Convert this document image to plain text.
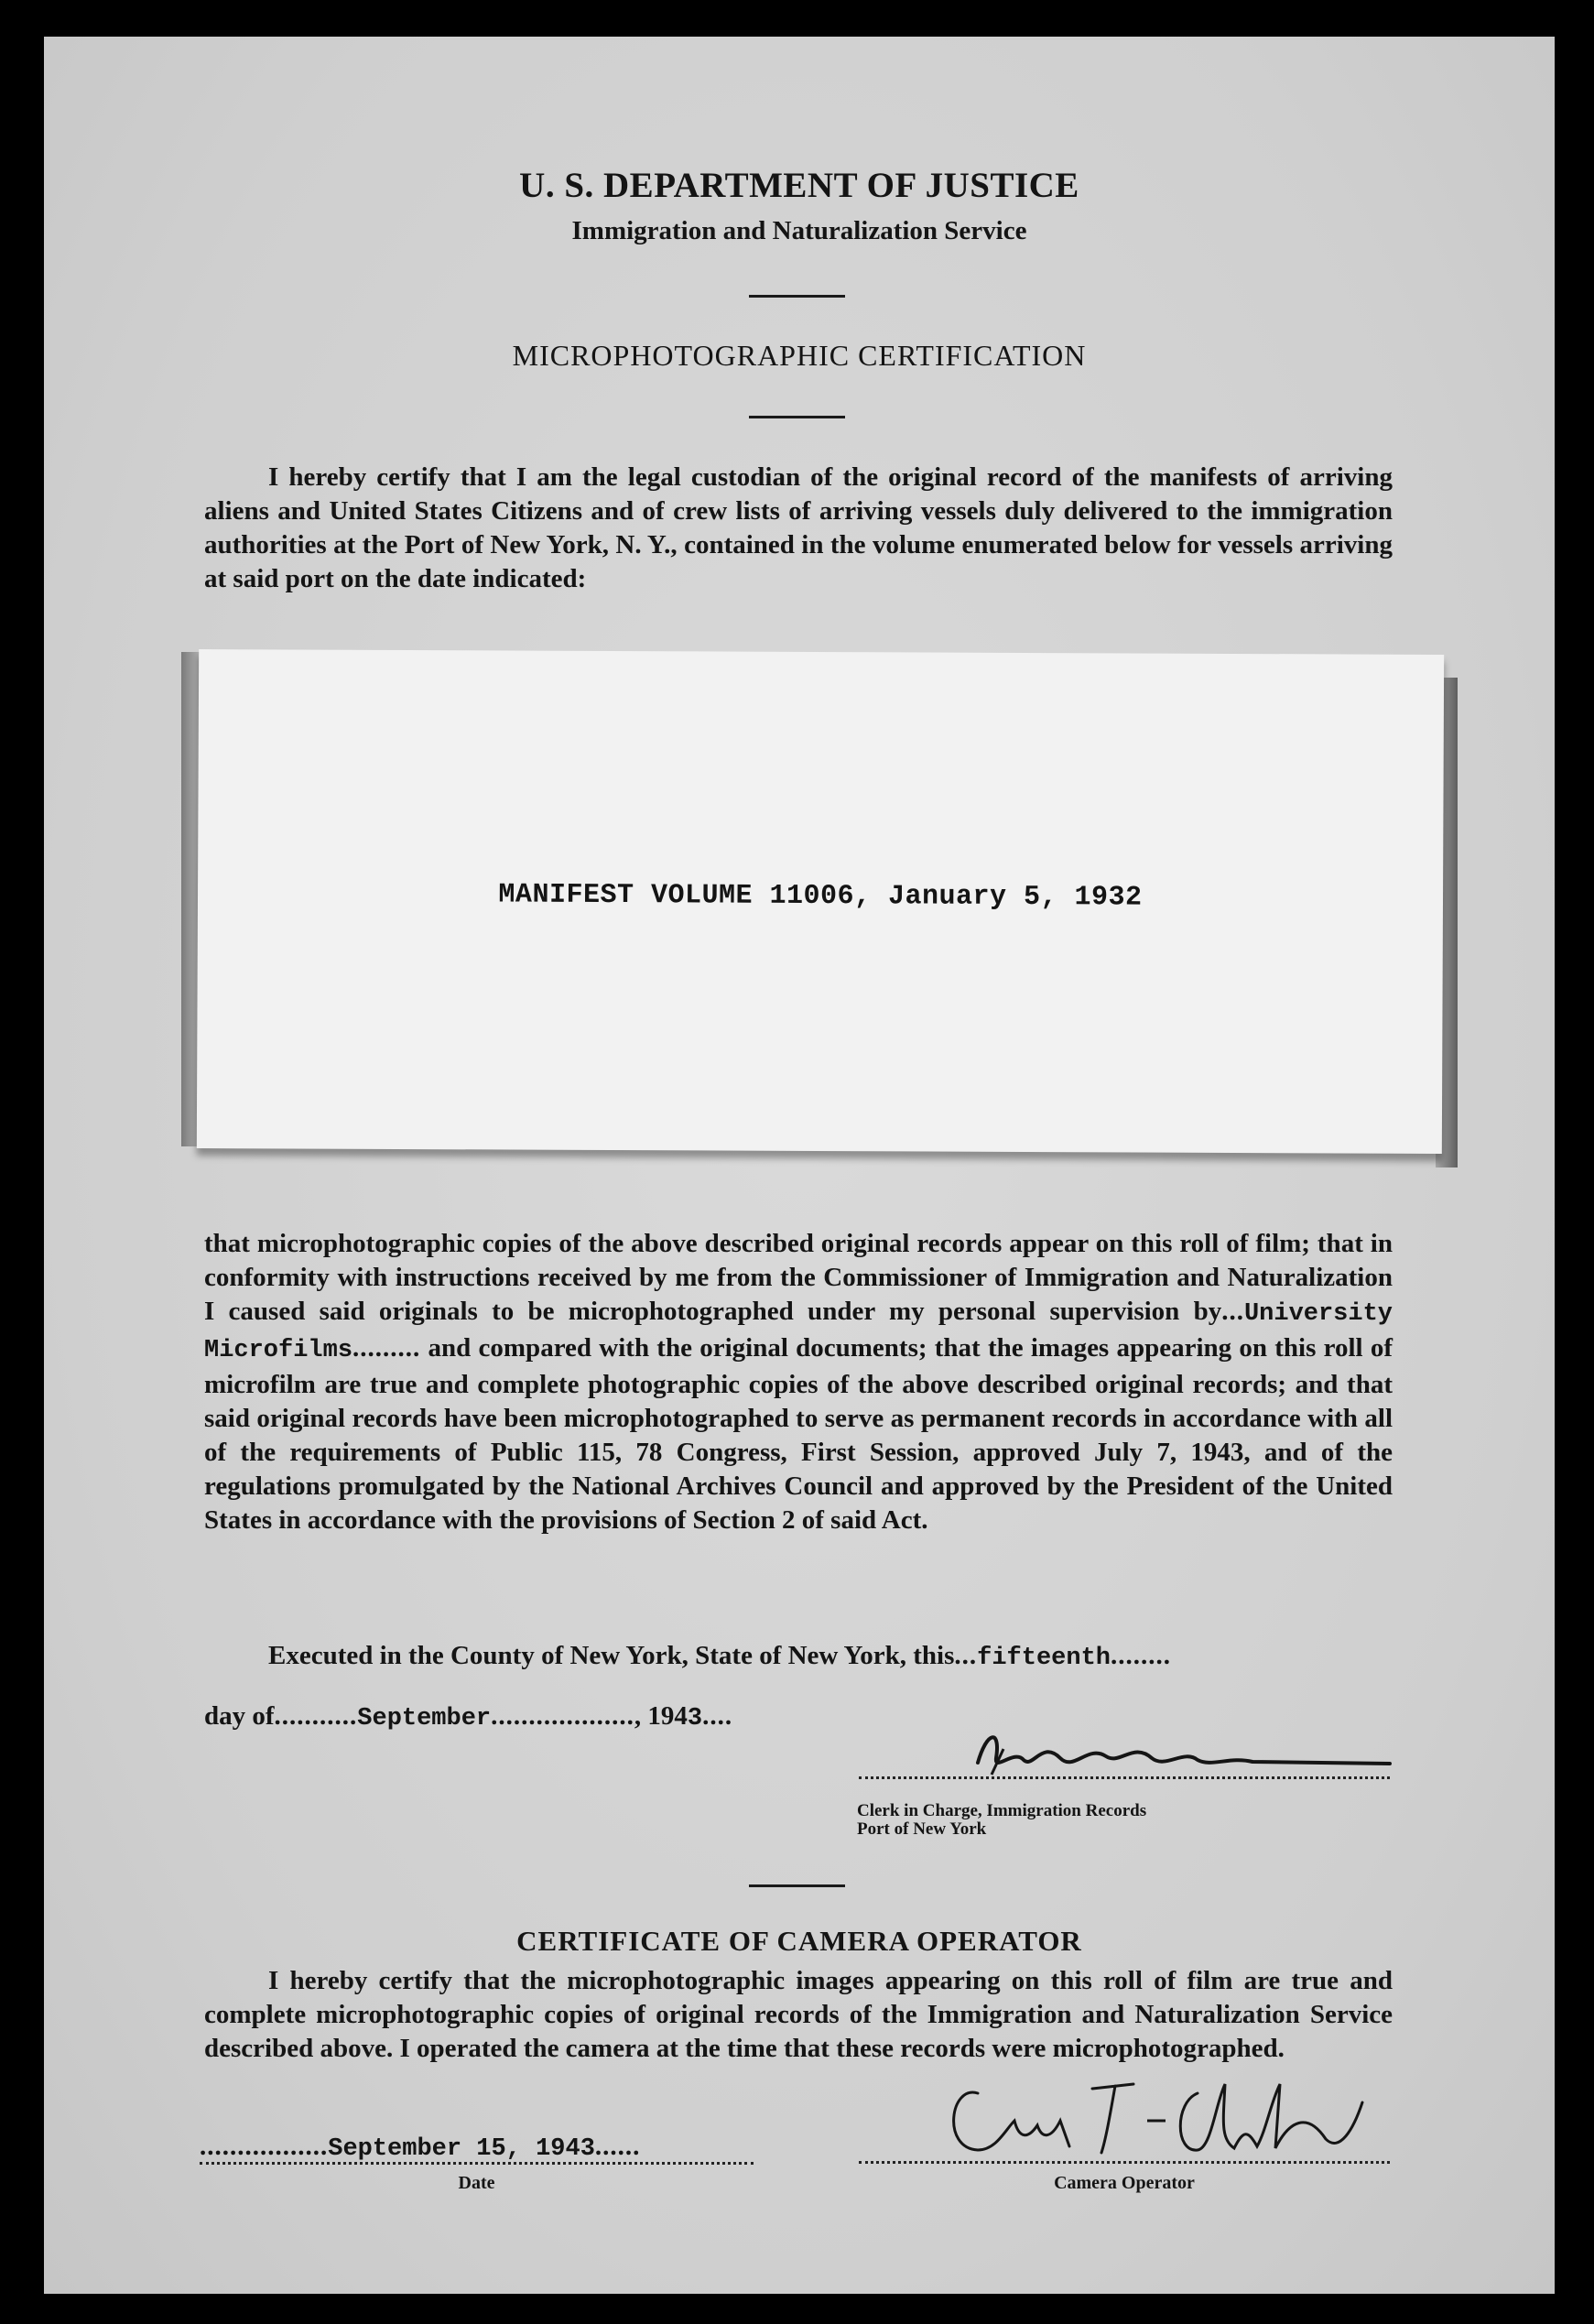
U. S. DEPARTMENT OF JUSTICE
Immigration and Naturalization Service
MICROPHOTOGRAPHIC CERTIFICATION
I hereby certify that I am the legal custodian of the original record of the manifests of arriving aliens and United States Citizens and of crew lists of arriving vessels duly delivered to the immigration authorities at the Port of New York, N. Y., contained in the volume enumerated below for vessels arriving at said port on the date indicated:
MANIFEST VOLUME 11006, January 5, 1932
that microphotographic copies of the above described original records appear on this roll of film; that in conformity with instructions received by me from the Commissioner of Immigration and Naturalization I caused said originals to be microphotographed under my personal supervision by...University Microfilms......... and compared with the original documents; that the images appearing on this roll of microfilm are true and complete photographic copies of the above described original records; and that said original records have been microphotographed to serve as permanent records in accordance with all of the requirements of Public 115, 78 Congress, First Session, approved July 7, 1943, and of the regulations promulgated by the National Archives Council and approved by the President of the United States in accordance with the provisions of Section 2 of said Act.
Executed in the County of New York, State of New York, this...fifteenth........
day of...........September..................., 1943....
Clerk in Charge, Immigration Records
Port of New York
CERTIFICATE OF CAMERA OPERATOR
I hereby certify that the microphotographic images appearing on this roll of film are true and complete microphotographic copies of original records of the Immigration and Naturalization Service described above. I operated the camera at the time that these records were microphotographed.
.................September 15, 1943......
Date	Camera Operator
